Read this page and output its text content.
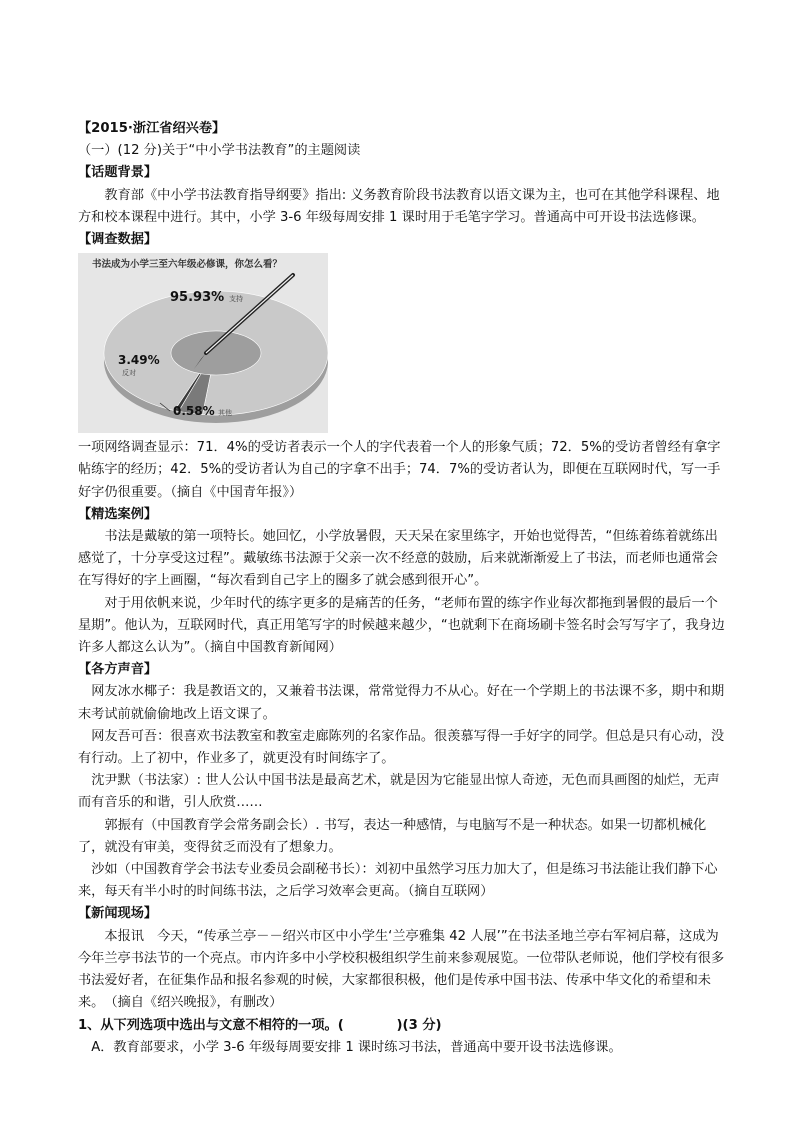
【2015·浙江省绍兴卷】
（一）(12 分)关于“中小学书法教育”的主题阅读
【话题背景】
教育部《中小学书法教育指导纲要》指出: 义务教育阶段书法教育以语文课为主，也可在其他学科课程、地方和校本课程中进行。其中，小学 3-6 年级每周安排 1 课时用于毛笔字学习。普通高中可开设书法选修课。
【调查数据】
书法成为小学三至六年级必修课，你怎么看？
95.93% 支持
3.49%
反对
0.58% 其他
一项网络调查显示：71．4%的受访者表示一个人的字代表着一个人的形象气质；72．5%的受访者曾经有拿字帖练字的经历；42．5%的受访者认为自己的字拿不出手；74．7%的受访者认为，即便在互联网时代，写一手好字仍很重要。（摘自《中国青年报》）
【精选案例】
书法是戴敏的第一项特长。她回忆，小学放暑假，天天呆在家里练字，开始也觉得苦，“但练着练着就练出感觉了，十分享受这过程”。戴敏练书法源于父亲一次不经意的鼓励，后来就渐渐爱上了书法，而老师也通常会在写得好的字上画圈，“每次看到自己字上的圈多了就会感到很开心”。
对于用依帆来说，少年时代的练字更多的是痛苦的任务，“老师布置的练字作业每次都拖到暑假的最后一个星期”。他认为，互联网时代，真正用笔写字的时候越来越少，“也就剩下在商场刷卡签名时会写写字了，我身边许多人都这么认为”。（摘自中国教育新闻网）
【各方声音】
网友冰水椰子：我是教语文的，又兼着书法课，常常觉得力不从心。好在一个学期上的书法课不多，期中和期末考试前就偷偷地改上语文课了。
网友吾可吾：很喜欢书法教室和教室走廊陈列的名家作品。很羡慕写得一手好字的同学。但总是只有心动，没有行动。上了初中，作业多了，就更没有时间练字了。
沈尹默（书法家）: 世人公认中国书法是最高艺术，就是因为它能显出惊人奇迹，无色而具画图的灿烂，无声而有音乐的和谐，引人欣赏……
郭振有（中国教育学会常务副会长）. 书写，表达一种感情，与电脑写不是一种状态。如果一切都机械化了，就没有审美，变得贫乏而没有了想象力。
沙如（中国教育学会书法专业委员会副秘书长）：刘初中虽然学习压力加大了，但是练习书法能让我们静下心来，每天有半小时的时间练书法，之后学习效率会更高。（摘自互联网）
【新闻现场】
本报讯　今天，“传承兰亭－－绍兴市区中小学生‘兰亭雅集 42 人展’”在书法圣地兰亭右军祠启幕，这成为今年兰亭书法节的一个亮点。市内许多中小学校积极组织学生前来参观展览。一位带队老师说，他们学校有很多书法爱好者，在征集作品和报名参观的时候，大家都很积极，他们是传承中国书法、传承中华文化的希望和未来。　（摘自《绍兴晚报》，有删改）
1、从下列选项中选出与文意不相符的一项。(　　　　)(3 分)
A．教育部要求，小学 3-6 年级每周要安排 1 课时练习书法，普通高中要开设书法选修课。
